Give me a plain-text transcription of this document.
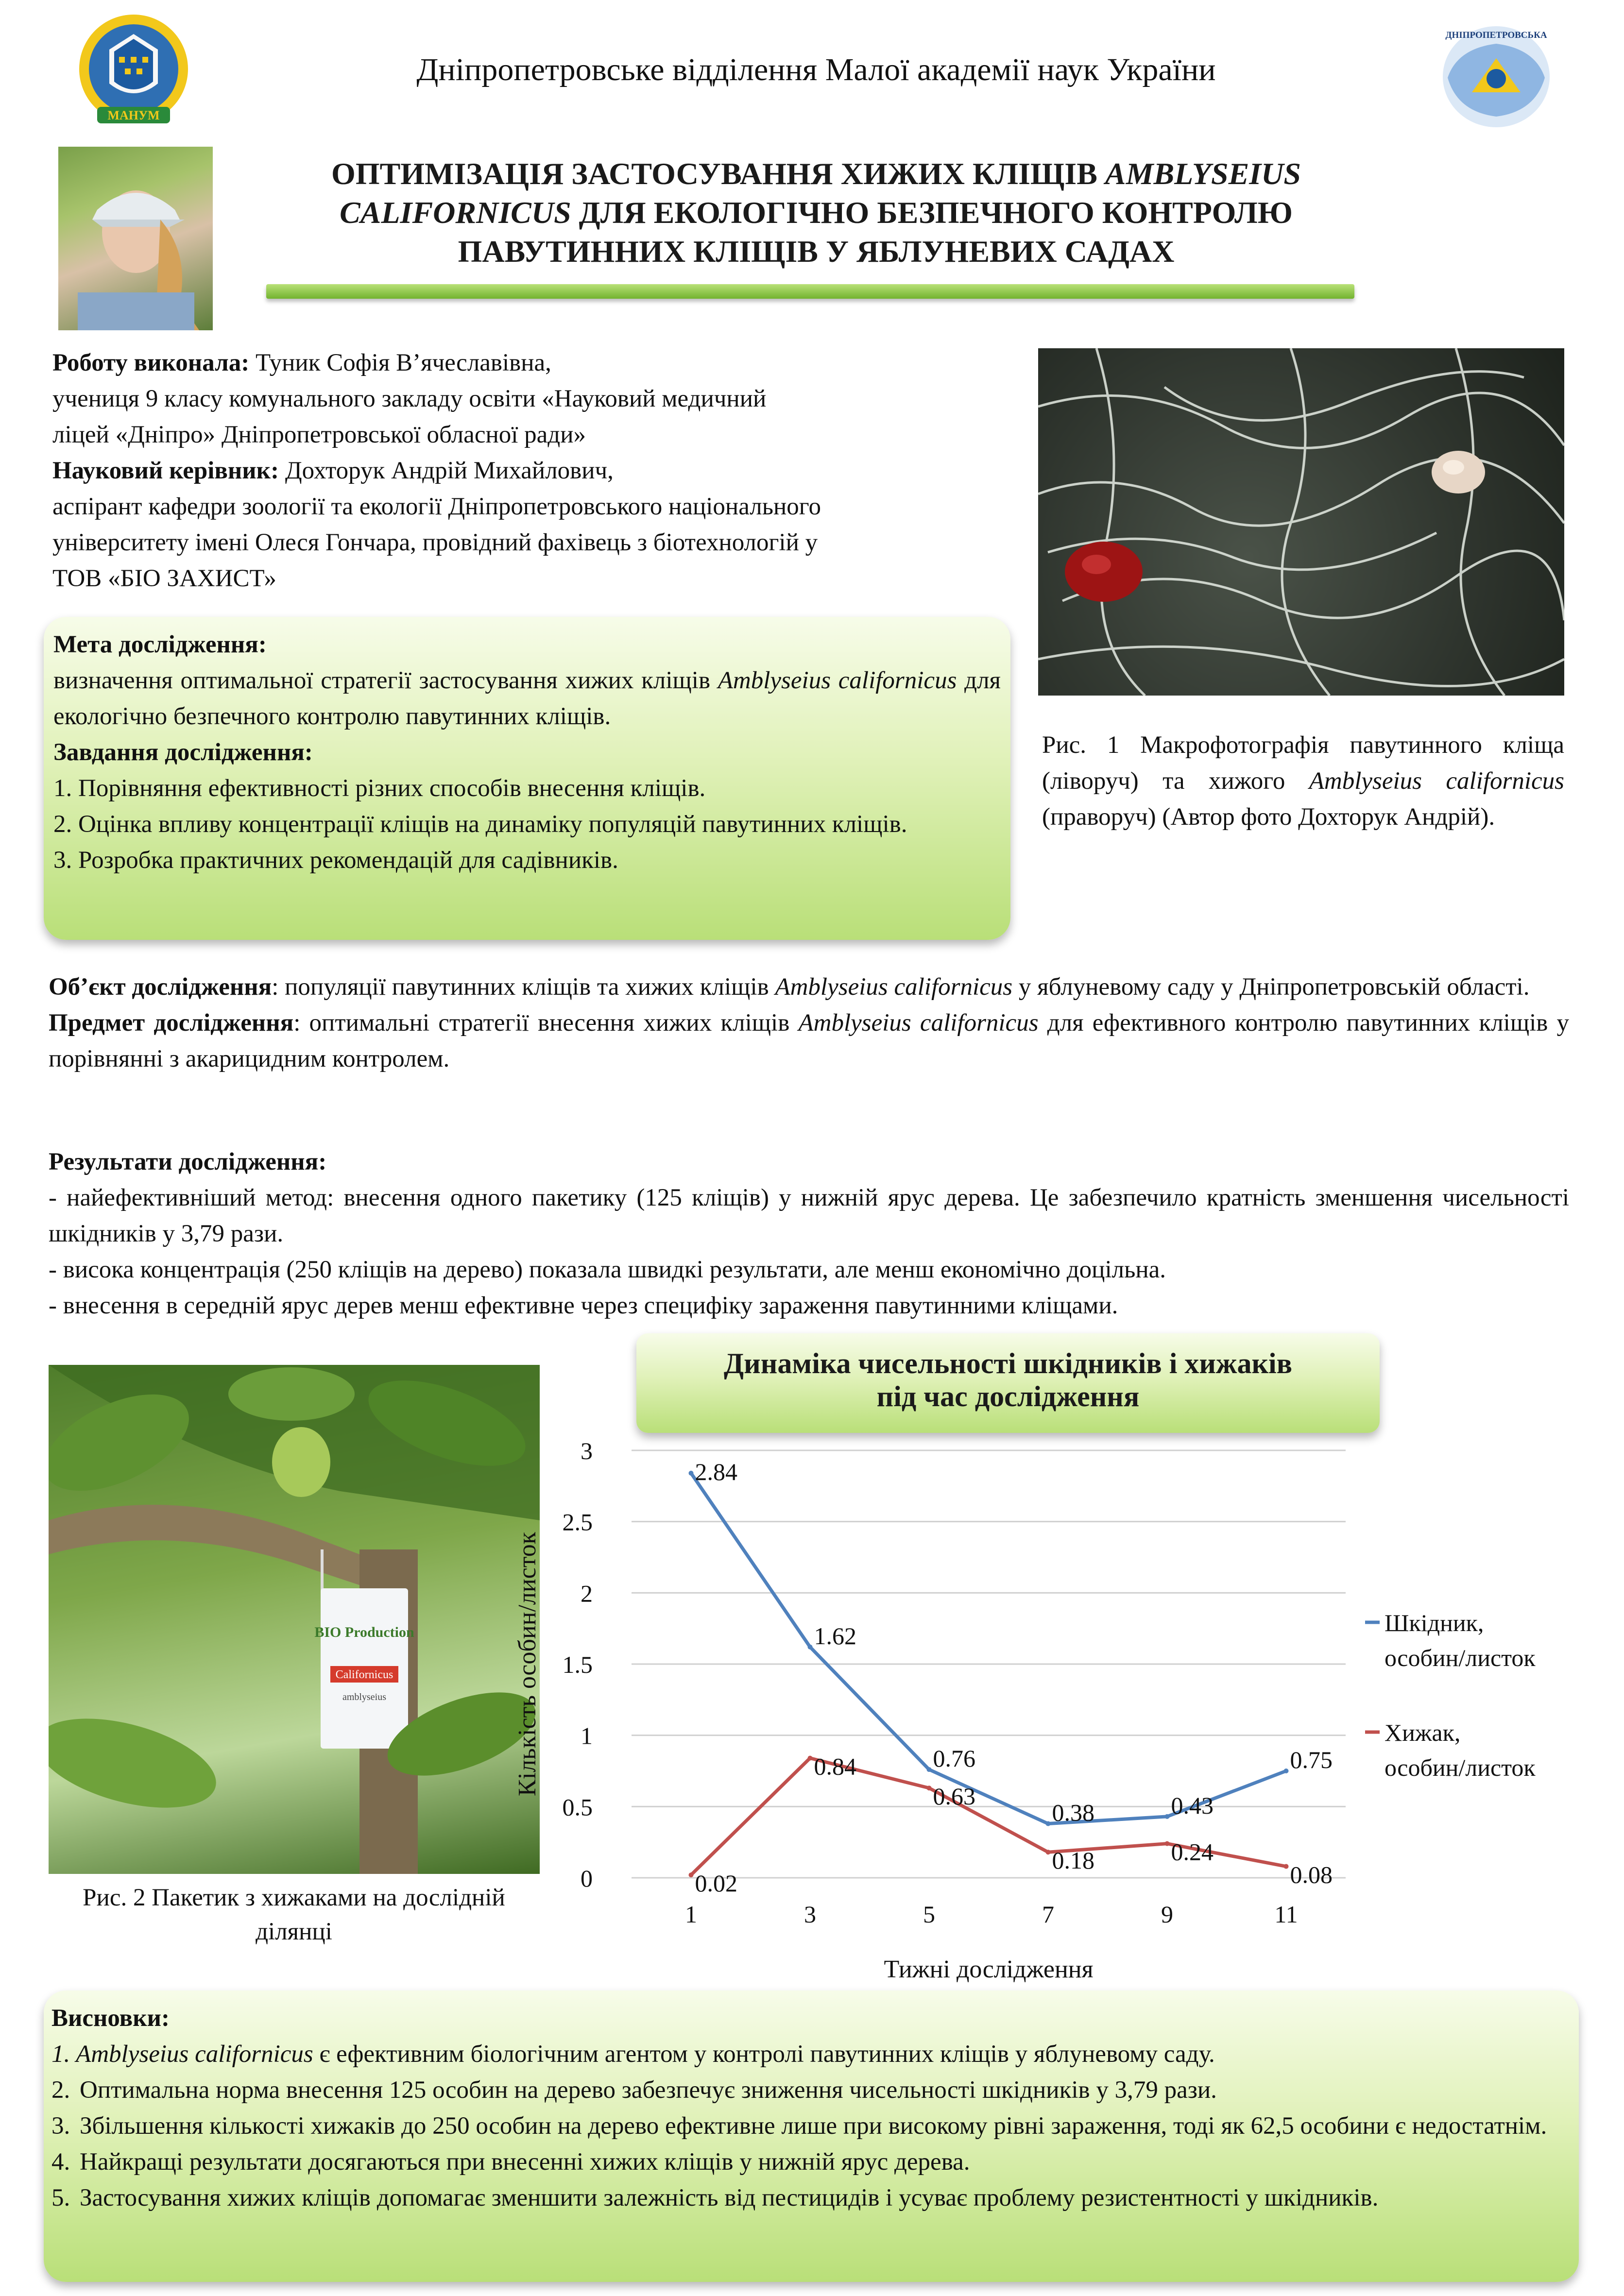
МАНУМ
Дніпропетровське відділення Малої академії наук України
ДНІПРОПЕТРОВСЬКА
ОПТИМІЗАЦІЯ ЗАСТОСУВАННЯ ХИЖИХ КЛІЩІВ AMBLYSEIUS
CALIFORNICUS ДЛЯ ЕКОЛОГІЧНО БЕЗПЕЧНОГО КОНТРОЛЮ
ПАВУТИННИХ КЛІЩІВ У ЯБЛУНЕВИХ САДАХ
Роботу виконала: Туник Софія В’ячеславівна,
учениця 9 класу комунального закладу освіти «Науковий медичний
ліцей «Дніпро» Дніпропетровської обласної ради»
Науковий керівник: Дохторук Андрій Михайлович,
аспірант кафедри зоології та екології Дніпропетровського національного
університету імені Олеся Гончара, провідний фахівець з біотехнологій у
ТОВ «БІО ЗАХИСТ»
Рис. 1 Макрофотографія павутинного кліща (ліворуч) та хижого Amblyseius californicus (праворуч) (Автор фото Дохторук Андрій).
Мета дослідження:
визначення оптимальної стратегії застосування хижих кліщів Amblyseius californicus для екологічно безпечного контролю павутинних кліщів.
Завдання дослідження:
1. Порівняння ефективності різних способів внесення кліщів.
2. Оцінка впливу концентрації кліщів на динаміку популяцій павутинних кліщів.
3. Розробка практичних рекомендацій для садівників.
Об’єкт дослідження: популяції павутинних кліщів та хижих кліщів Amblyseius californicus у яблуневому саду у Дніпропетровській області.
Предмет дослідження: оптимальні стратегії внесення хижих кліщів Amblyseius californicus для ефективного контролю павутинних кліщів у порівнянні з акарицидним контролем.
Результати дослідження:
- найефективніший метод: внесення одного пакетику (125 кліщів) у нижній ярус дерева. Це забезпечило кратність зменшення чисельності шкідників у 3,79 рази.
- висока концентрація (250 кліщів на дерево) показала швидкі результати, але менш економічно доцільна.
- внесення в середній ярус дерев менш ефективне через специфіку зараження павутинними кліщами.
BIO Production
Californicus
amblyseius
Рис. 2 Пакетик з хижаками на дослідній ділянці
Динаміка чисельності шкідників і хижаків
під час дослідження
0
0.5
1
1.5
2
2.5
3
1	3	5	7	9	11
Тижні дослідження
Кількість особин/листок
2.84
1.62
0.76
0.38	0.43
0.75
0.02
0.84
0.63
0.18	0.24
0.08
Шкідник,
особин/листок
Хижак,
особин/листок
Висновки:
1. Amblyseius californicus є ефективним біологічним агентом у контролі павутинних кліщів у яблуневому саду.
2. Оптимальна норма внесення 125 особин на дерево забезпечує зниження чисельності шкідників у 3,79 рази.
3. Збільшення кількості хижаків до 250 особин на дерево ефективне лише при високому рівні зараження, тоді як 62,5 особини є недостатнім.
4. Найкращі результати досягаються при внесенні хижих кліщів у нижній ярус дерева.
5. Застосування хижих кліщів допомагає зменшити залежність від пестицидів і усуває проблему резистентності у шкідників.
